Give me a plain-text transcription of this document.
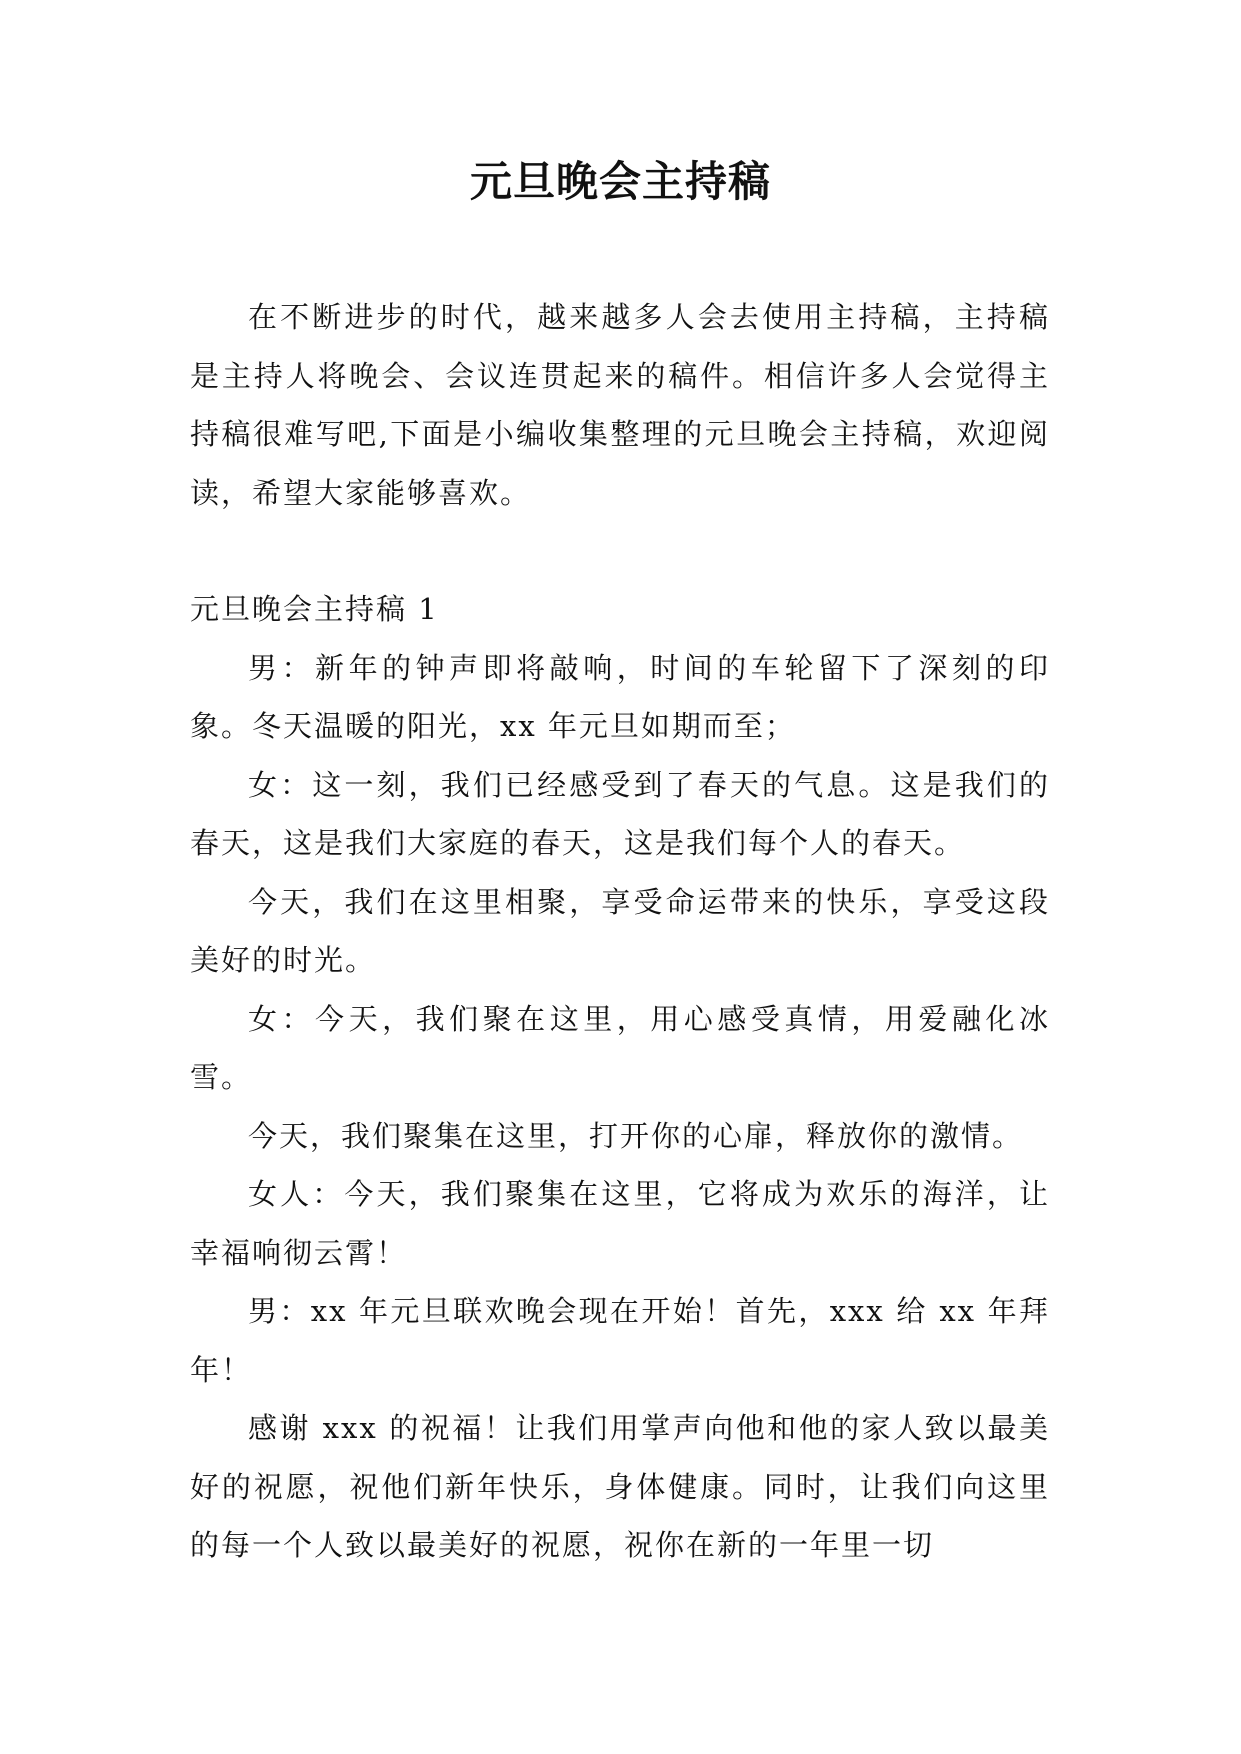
元旦晚会主持稿

在不断进步的时代，越来越多人会去使用主持稿，主持稿是主持人将晚会、会议连贯起来的稿件。相信许多人会觉得主持稿很难写吧,下面是小编收集整理的元旦晚会主持稿，欢迎阅读，希望大家能够喜欢。

元旦晚会主持稿 1

男：新年的钟声即将敲响，时间的车轮留下了深刻的印象。冬天温暖的阳光，xx 年元旦如期而至；

女：这一刻，我们已经感受到了春天的气息。这是我们的春天，这是我们大家庭的春天，这是我们每个人的春天。

今天，我们在这里相聚，享受命运带来的快乐，享受这段美好的时光。

女：今天，我们聚在这里，用心感受真情，用爱融化冰雪。

今天，我们聚集在这里，打开你的心扉，释放你的激情。

女人：今天，我们聚集在这里，它将成为欢乐的海洋，让幸福响彻云霄！

男：xx 年元旦联欢晚会现在开始！首先，xxx 给 xx 年拜年！

感谢 xxx 的祝福！让我们用掌声向他和他的家人致以最美好的祝愿，祝他们新年快乐，身体健康。同时，让我们向这里的每一个人致以最美好的祝愿，祝你在新的一年里一切
